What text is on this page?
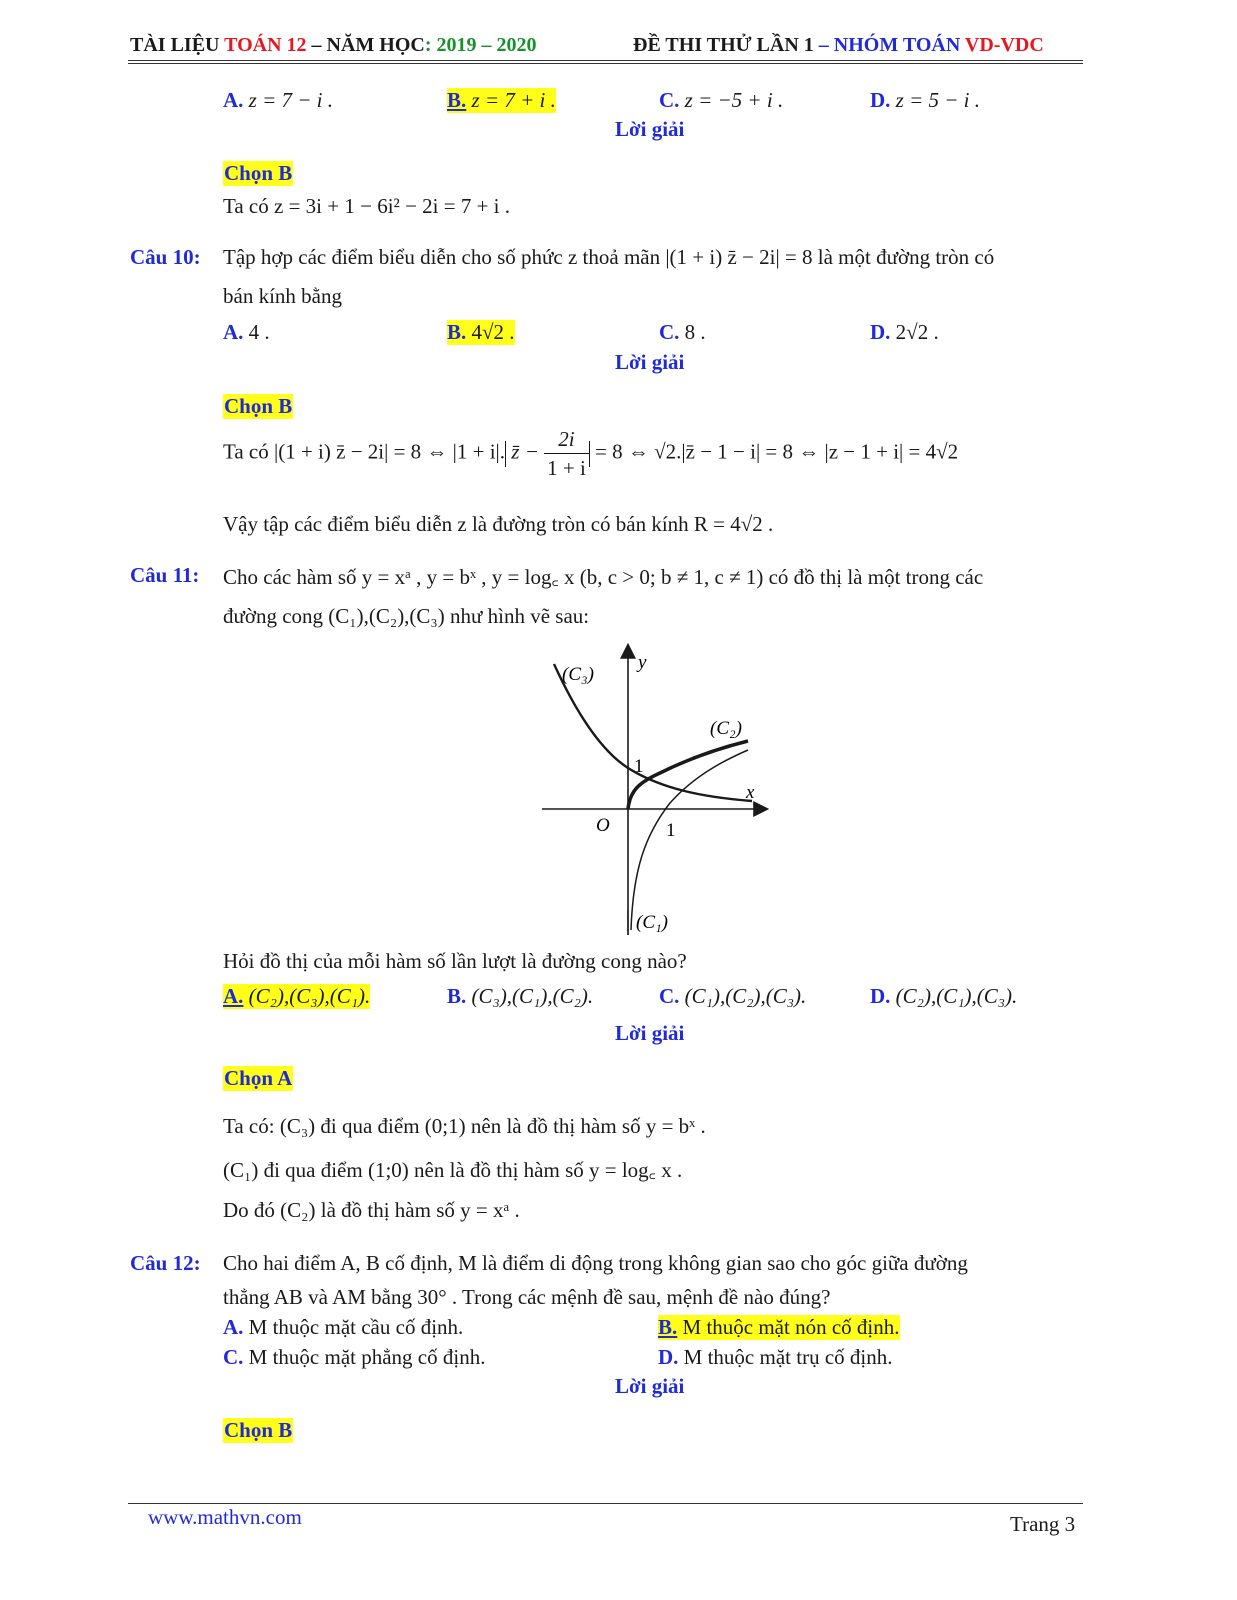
TÀI LIỆU TOÁN 12 – NĂM HỌC: 2019 – 2020	ĐỀ THI THỬ LẦN 1 – NHÓM TOÁN VD-VDC
A. z = 7 − i .	B. z = 7 + i .	C. z = −5 + i .	D. z = 5 − i .
Lời giải
Chọn B
Ta có z = 3i + 1 − 6i² − 2i = 7 + i .
Câu 10: Tập hợp các điểm biểu diễn cho số phức z thoả mãn |(1 + i) z̄ − 2i| = 8 là một đường tròn có
bán kính bằng
A. 4 .	B. 4√2 .	C. 8 .	D. 2√2 .
Lời giải
Chọn B
Ta có |(1 + i) z̄ − 2i| = 8 ⇔ |1 + i|. z̄ − $\frac{2i}{1 + i} = 8$ ⇔ √2.|z̄ − 1 − i| = 8 ⇔ |z − 1 + i| = 4√2
Vậy tập các điểm biểu diễn z là đường tròn có bán kính R = 4√2 .
Câu 11: Cho các hàm số y = xᵃ , y = bˣ , y = log꜀ x (b, c > 0; b ≠ 1, c ≠ 1) có đồ thị là một trong các
đường cong (C₁),(C₂),(C₃) như hình vẽ sau:
(C₃)
(C₂)
(C₁)
y
x
O
1
1
Hỏi đồ thị của mỗi hàm số lần lượt là đường cong nào?
A. (C₂),(C₃),(C₁).	B. (C₃),(C₁),(C₂).	C. (C₁),(C₂),(C₃).	D. (C₂),(C₁),(C₃).
Lời giải
Chọn A
Ta có: (C₃) đi qua điểm (0;1) nên là đồ thị hàm số y = bˣ .
(C₁) đi qua điểm (1;0) nên là đồ thị hàm số y = log꜀ x .
Do đó (C₂) là đồ thị hàm số y = xᵃ .
Câu 12: Cho hai điểm A, B cố định, M là điểm di động trong không gian sao cho góc giữa đường
thẳng AB và AM bằng 30° . Trong các mệnh đề sau, mệnh đề nào đúng?
A. M thuộc mặt cầu cố định.	B. M thuộc mặt nón cố định.
C. M thuộc mặt phẳng cố định.	D. M thuộc mặt trụ cố định.
Lời giải
Chọn B
www.mathvn.com	Trang 3
